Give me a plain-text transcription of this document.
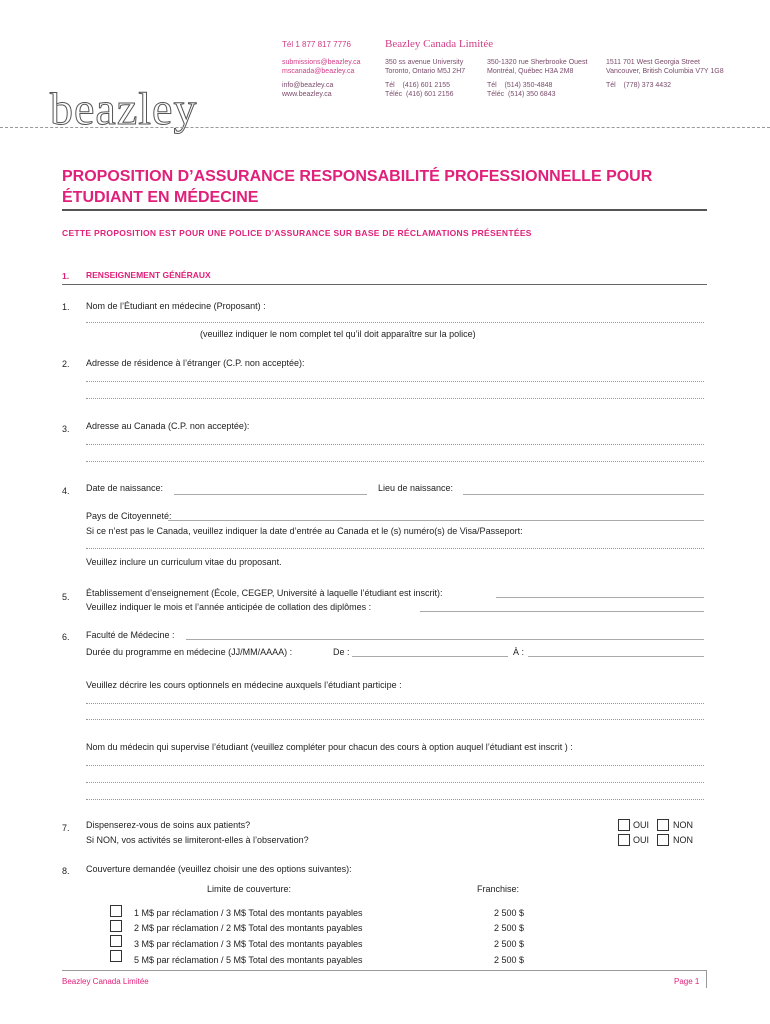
Tél 1 877 817 7776	Beazley Canada Limitée
submissions@beazley.ca
mscanada@beazley.ca
info@beazley.ca
www.beazley.ca
350 ss avenue University
Toronto, Ontario M5J 2H7
Tél    (416) 601 2155
Téléc  (416) 601 2156
350-1320 rue Sherbrooke Ouest
Montréal, Québec H3A 2M8
Tél    (514) 350-4848
Téléc  (514) 350 6843
1511 701 West Georgia Street
Vancouver, British Columbia V7Y 1G8
Tél    (778) 373 4432
beazley
PROPOSITION D’ASSURANCE RESPONSABILITÉ PROFESSIONNELLE POUR
ÉTUDIANT EN MÉDECINE
CETTE PROPOSITION EST POUR UNE POLICE D’ASSURANCE SUR BASE DE RÉCLAMATIONS PRÉSENTÉES
1. RENSEIGNEMENT GÉNÉRAUX
1. Nom de l’Étudiant en médecine (Proposant) :
(veuillez indiquer le nom complet tel qu’il doit apparaître sur la police)
2. Adresse de résidence à l’étranger (C.P. non acceptée):
3. Adresse au Canada (C.P. non acceptée):
4. Date de naissance:	Lieu de naissance:
Pays de Citoyenneté:
Si ce n’est pas le Canada, veuillez indiquer la date d’entrée au Canada et le (s) numéro(s) de Visa/Passeport:
Veuillez inclure un curriculum vitae du proposant.
5. Établissement d’enseignement (École, CEGEP, Université à laquelle l’étudiant est inscrit):
Veuillez indiquer le mois et l’année anticipée de collation des diplômes :
6. Faculté de Médecine :
Durée du programme en médecine (JJ/MM/AAAA) :	De :	À :
Veuillez décrire les cours optionnels en médecine auxquels l’étudiant participe :
Nom du médecin qui supervise l’étudiant (veuillez compléter pour chacun des cours à option auquel l’étudiant est inscrit ) :
7. Dispenserez-vous de soins aux patients?
Si NON, vos activités se limiteront-elles à l’observation?
OUI	NON
OUI	NON
8. Couverture demandée (veuillez choisir une des options suivantes):
Limite de couverture:	Franchise:
1 M$ par réclamation / 3 M$ Total des montants payables	2 500 $
2 M$ par réclamation / 2 M$ Total des montants payables	2 500 $
3 M$ par réclamation / 3 M$ Total des montants payables	2 500 $
5 M$ par réclamation / 5 M$ Total des montants payables	2 500 $
Beazley Canada Limitée	Page 1
